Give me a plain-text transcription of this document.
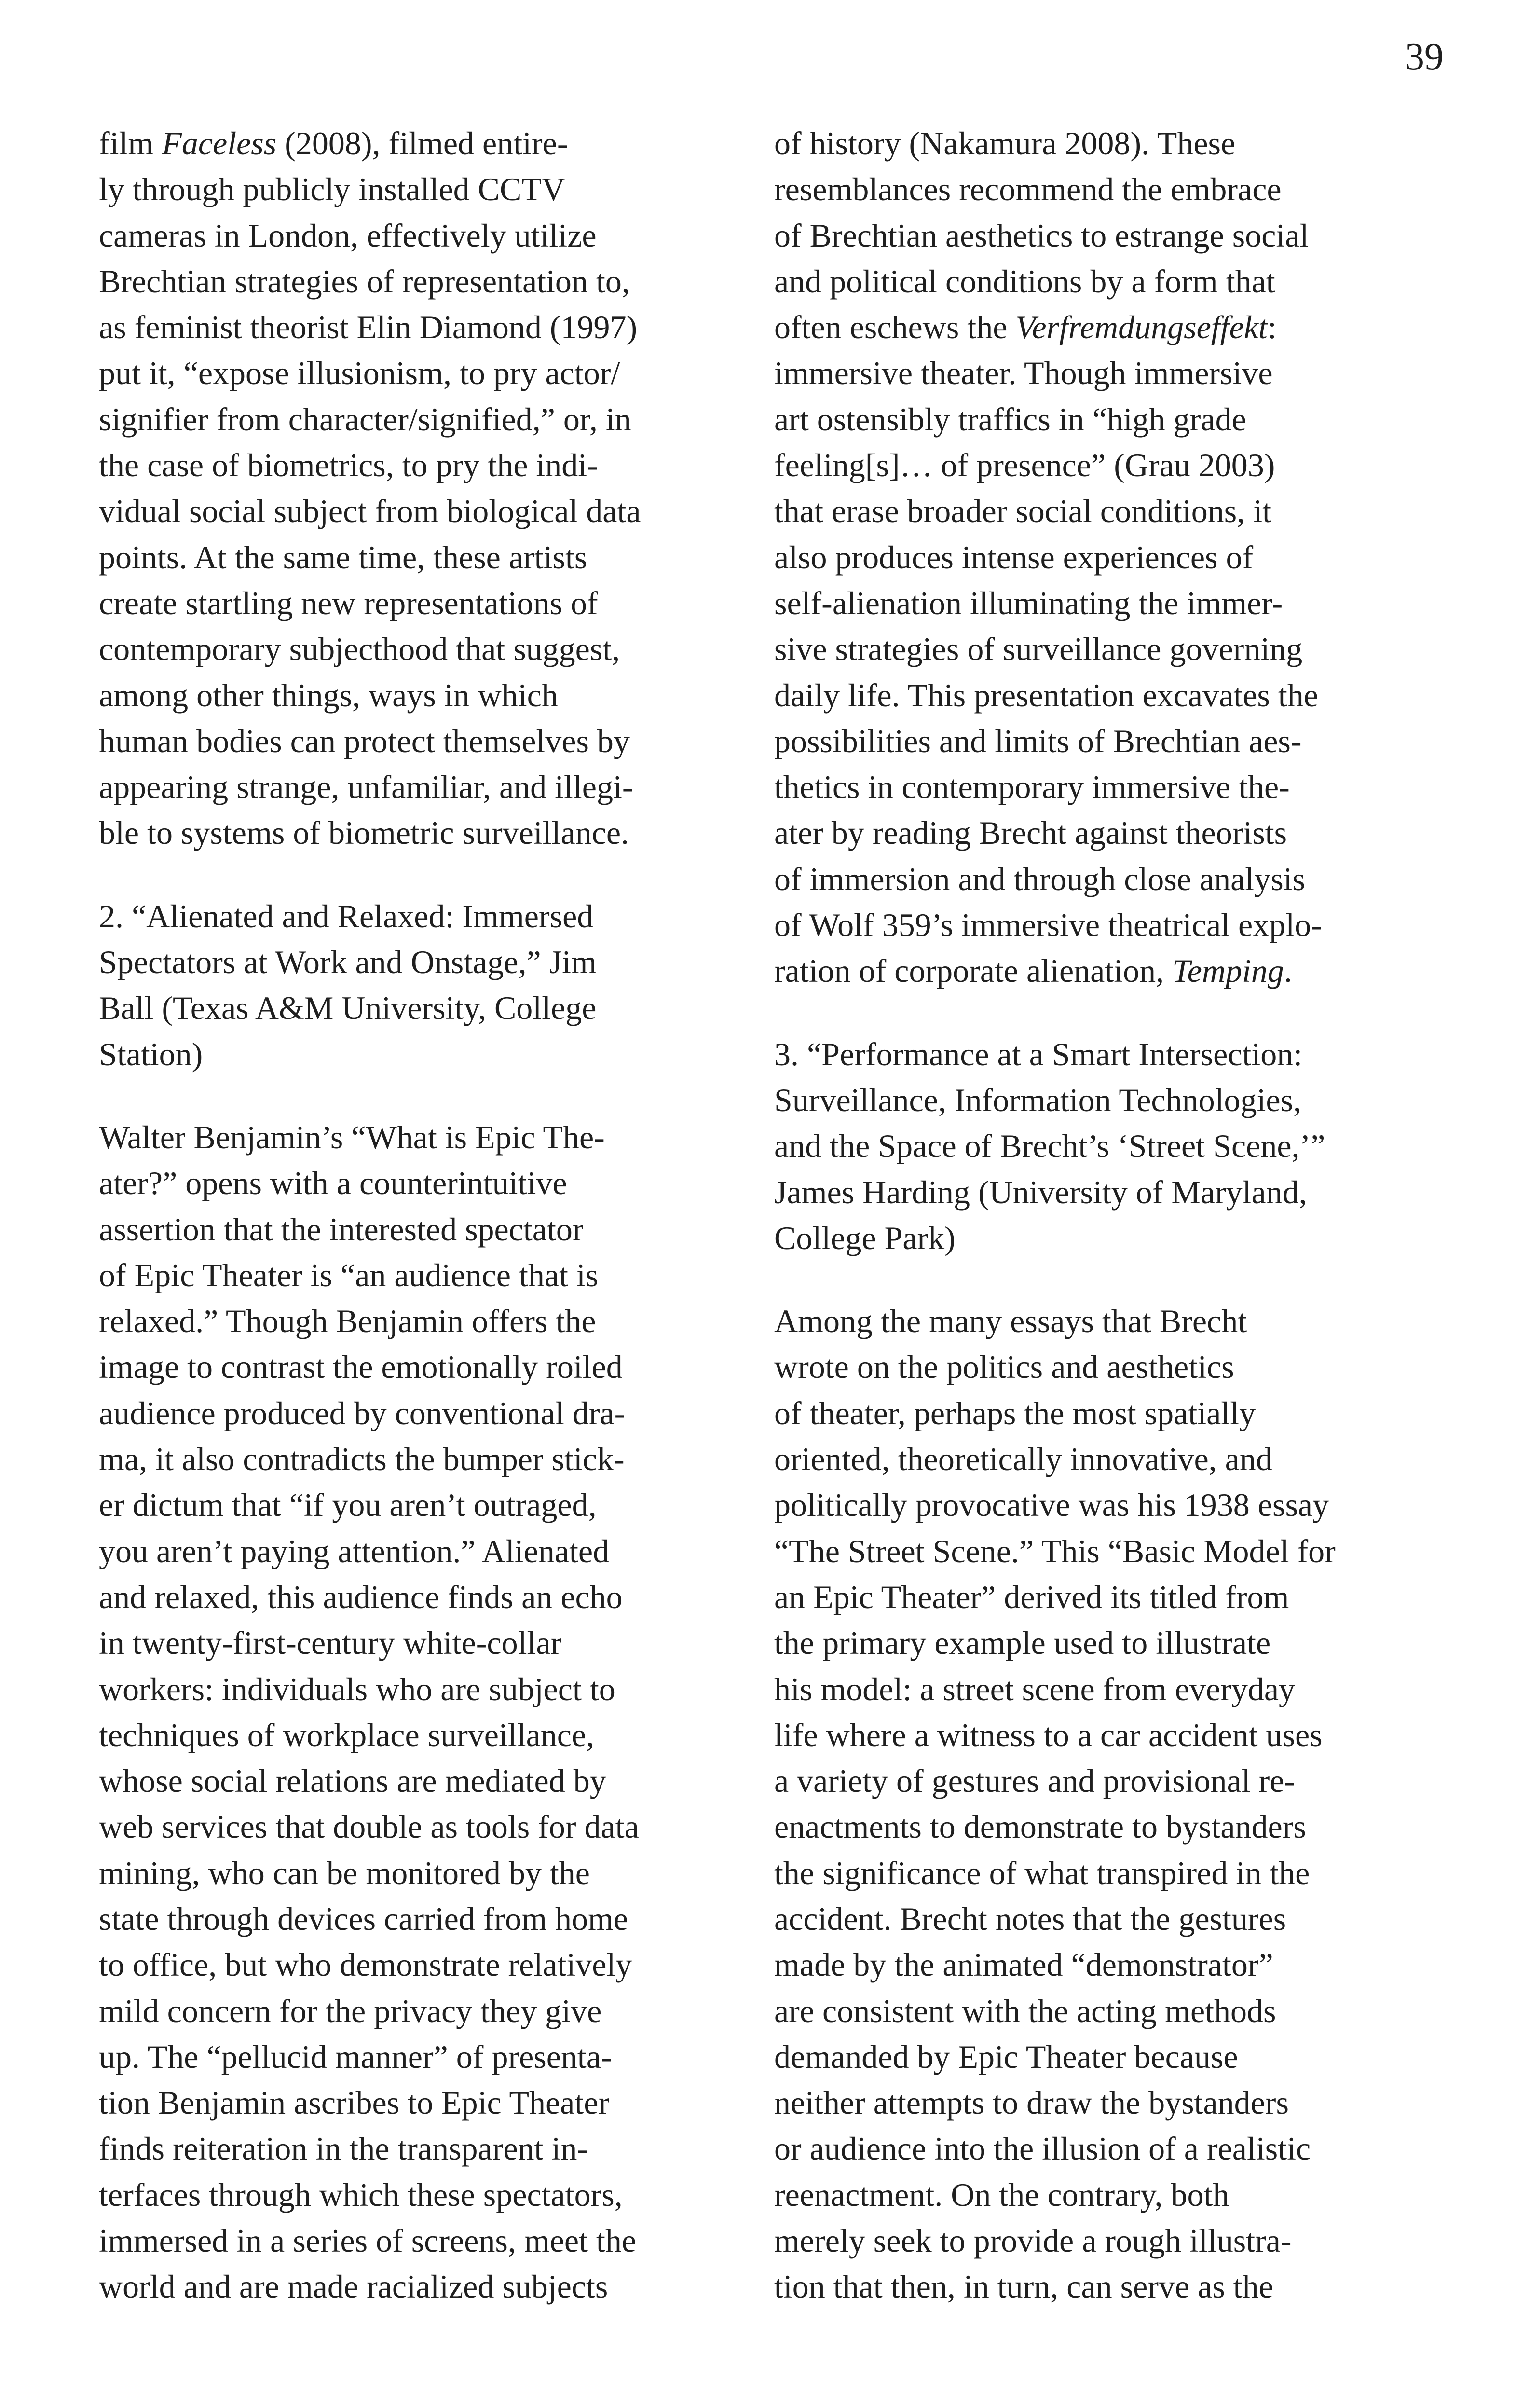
39
film Faceless (2008), filmed entire-
ly through publicly installed CCTV
cameras in London, effectively utilize
Brechtian strategies of representation to,
as feminist theorist Elin Diamond (1997)
put it, “expose illusionism, to pry actor/
signifier from character/signified,” or, in
the case of biometrics, to pry the indi-
vidual social subject from biological data
points. At the same time, these artists
create startling new representations of
contemporary subjecthood that suggest,
among other things, ways in which
human bodies can protect themselves by
appearing strange, unfamiliar, and illegi-
ble to systems of biometric surveillance.
2. “Alienated and Relaxed: Immersed
Spectators at Work and Onstage,” Jim
Ball (Texas A&M University, College
Station)
Walter Benjamin’s “What is Epic The-
ater?” opens with a counterintuitive
assertion that the interested spectator
of Epic Theater is “an audience that is
relaxed.” Though Benjamin offers the
image to contrast the emotionally roiled
audience produced by conventional dra-
ma, it also contradicts the bumper stick-
er dictum that “if you aren’t outraged,
you aren’t paying attention.” Alienated
and relaxed, this audience finds an echo
in twenty-first-century white-collar
workers: individuals who are subject to
techniques of workplace surveillance,
whose social relations are mediated by
web services that double as tools for data
mining, who can be monitored by the
state through devices carried from home
to office, but who demonstrate relatively
mild concern for the privacy they give
up. The “pellucid manner” of presenta-
tion Benjamin ascribes to Epic Theater
finds reiteration in the transparent in-
terfaces through which these spectators,
immersed in a series of screens, meet the
world and are made racialized subjects
of history (Nakamura 2008). These
resemblances recommend the embrace
of Brechtian aesthetics to estrange social
and political conditions by a form that
often eschews the Verfremdungseffekt:
immersive theater. Though immersive
art ostensibly traffics in “high grade
feeling[s]… of presence” (Grau 2003)
that erase broader social conditions, it
also produces intense experiences of
self-alienation illuminating the immer-
sive strategies of surveillance governing
daily life. This presentation excavates the
possibilities and limits of Brechtian aes-
thetics in contemporary immersive the-
ater by reading Brecht against theorists
of immersion and through close analysis
of Wolf 359’s immersive theatrical explo-
ration of corporate alienation, Temping.
3. “Performance at a Smart Intersection:
Surveillance, Information Technologies,
and the Space of Brecht’s ‘Street Scene,’”
James Harding (University of Maryland,
College Park)
Among the many essays that Brecht
wrote on the politics and aesthetics
of theater, perhaps the most spatially
oriented, theoretically innovative, and
politically provocative was his 1938 essay
“The Street Scene.” This “Basic Model for
an Epic Theater” derived its titled from
the primary example used to illustrate
his model: a street scene from everyday
life where a witness to a car accident uses
a variety of gestures and provisional re-
enactments to demonstrate to bystanders
the significance of what transpired in the
accident. Brecht notes that the gestures
made by the animated “demonstrator”
are consistent with the acting methods
demanded by Epic Theater because
neither attempts to draw the bystanders
or audience into the illusion of a realistic
reenactment. On the contrary, both
merely seek to provide a rough illustra-
tion that then, in turn, can serve as the
